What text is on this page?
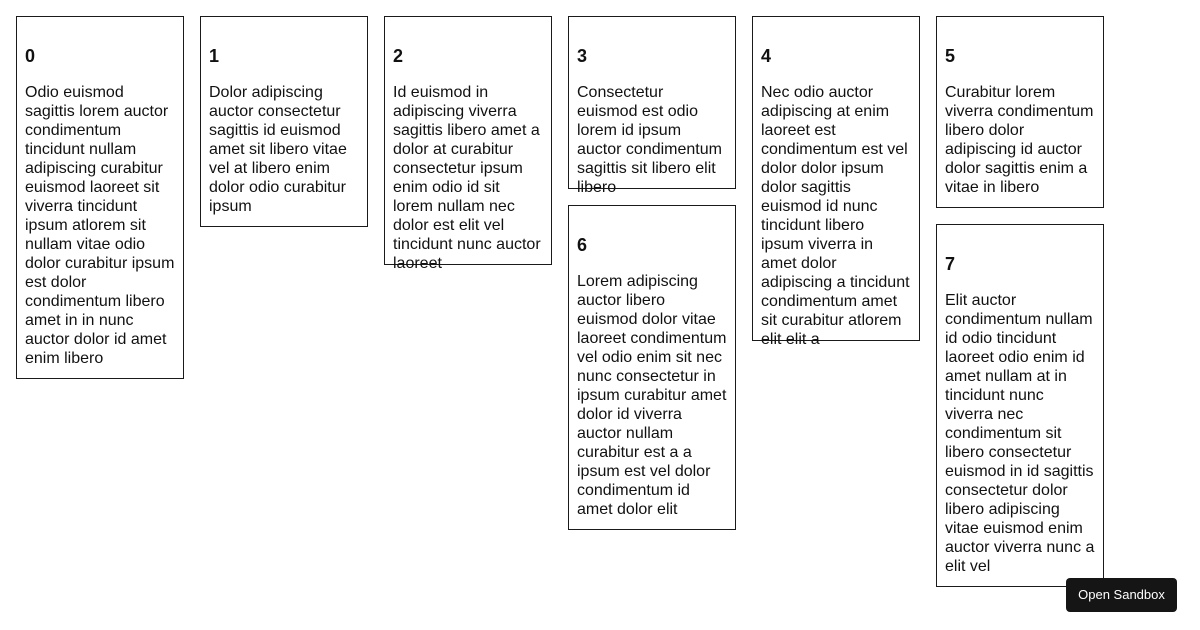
0

Odio euismod sagittis lorem auctor condimentum tincidunt nullam adipiscing curabitur euismod laoreet sit viverra tincidunt ipsum atlorem sit nullam vitae odio dolor curabitur ipsum est dolor condimentum libero amet in in nunc auctor dolor id amet enim libero

1

Dolor adipiscing auctor consectetur sagittis id euismod amet sit libero vitae vel at libero enim dolor odio curabitur ipsum

2

Id euismod in adipiscing viverra sagittis libero amet a dolor at curabitur consectetur ipsum enim odio id sit lorem nullam nec dolor est elit vel tincidunt nunc auctor laoreet

3

Consectetur euismod est odio lorem id ipsum auctor condimentum sagittis sit libero elit libero

4

Nec odio auctor adipiscing at enim laoreet est condimentum est vel dolor dolor ipsum dolor sagittis euismod id nunc tincidunt libero ipsum viverra in amet dolor adipiscing a tincidunt condimentum amet sit curabitur atlorem elit elit a

5

Curabitur lorem viverra condimentum libero dolor adipiscing id auctor dolor sagittis enim a vitae in libero

6

Lorem adipiscing auctor libero euismod dolor vitae laoreet condimentum vel odio enim sit nec nunc consectetur in ipsum curabitur amet dolor id viverra auctor nullam curabitur est a a ipsum est vel dolor condimentum id amet dolor elit

7

Elit auctor condimentum nullam id odio tincidunt laoreet odio enim id amet nullam at in tincidunt nunc viverra nec condimentum sit libero consectetur euismod in id sagittis consectetur dolor libero adipiscing vitae euismod enim auctor viverra nunc a elit vel

Open Sandbox
